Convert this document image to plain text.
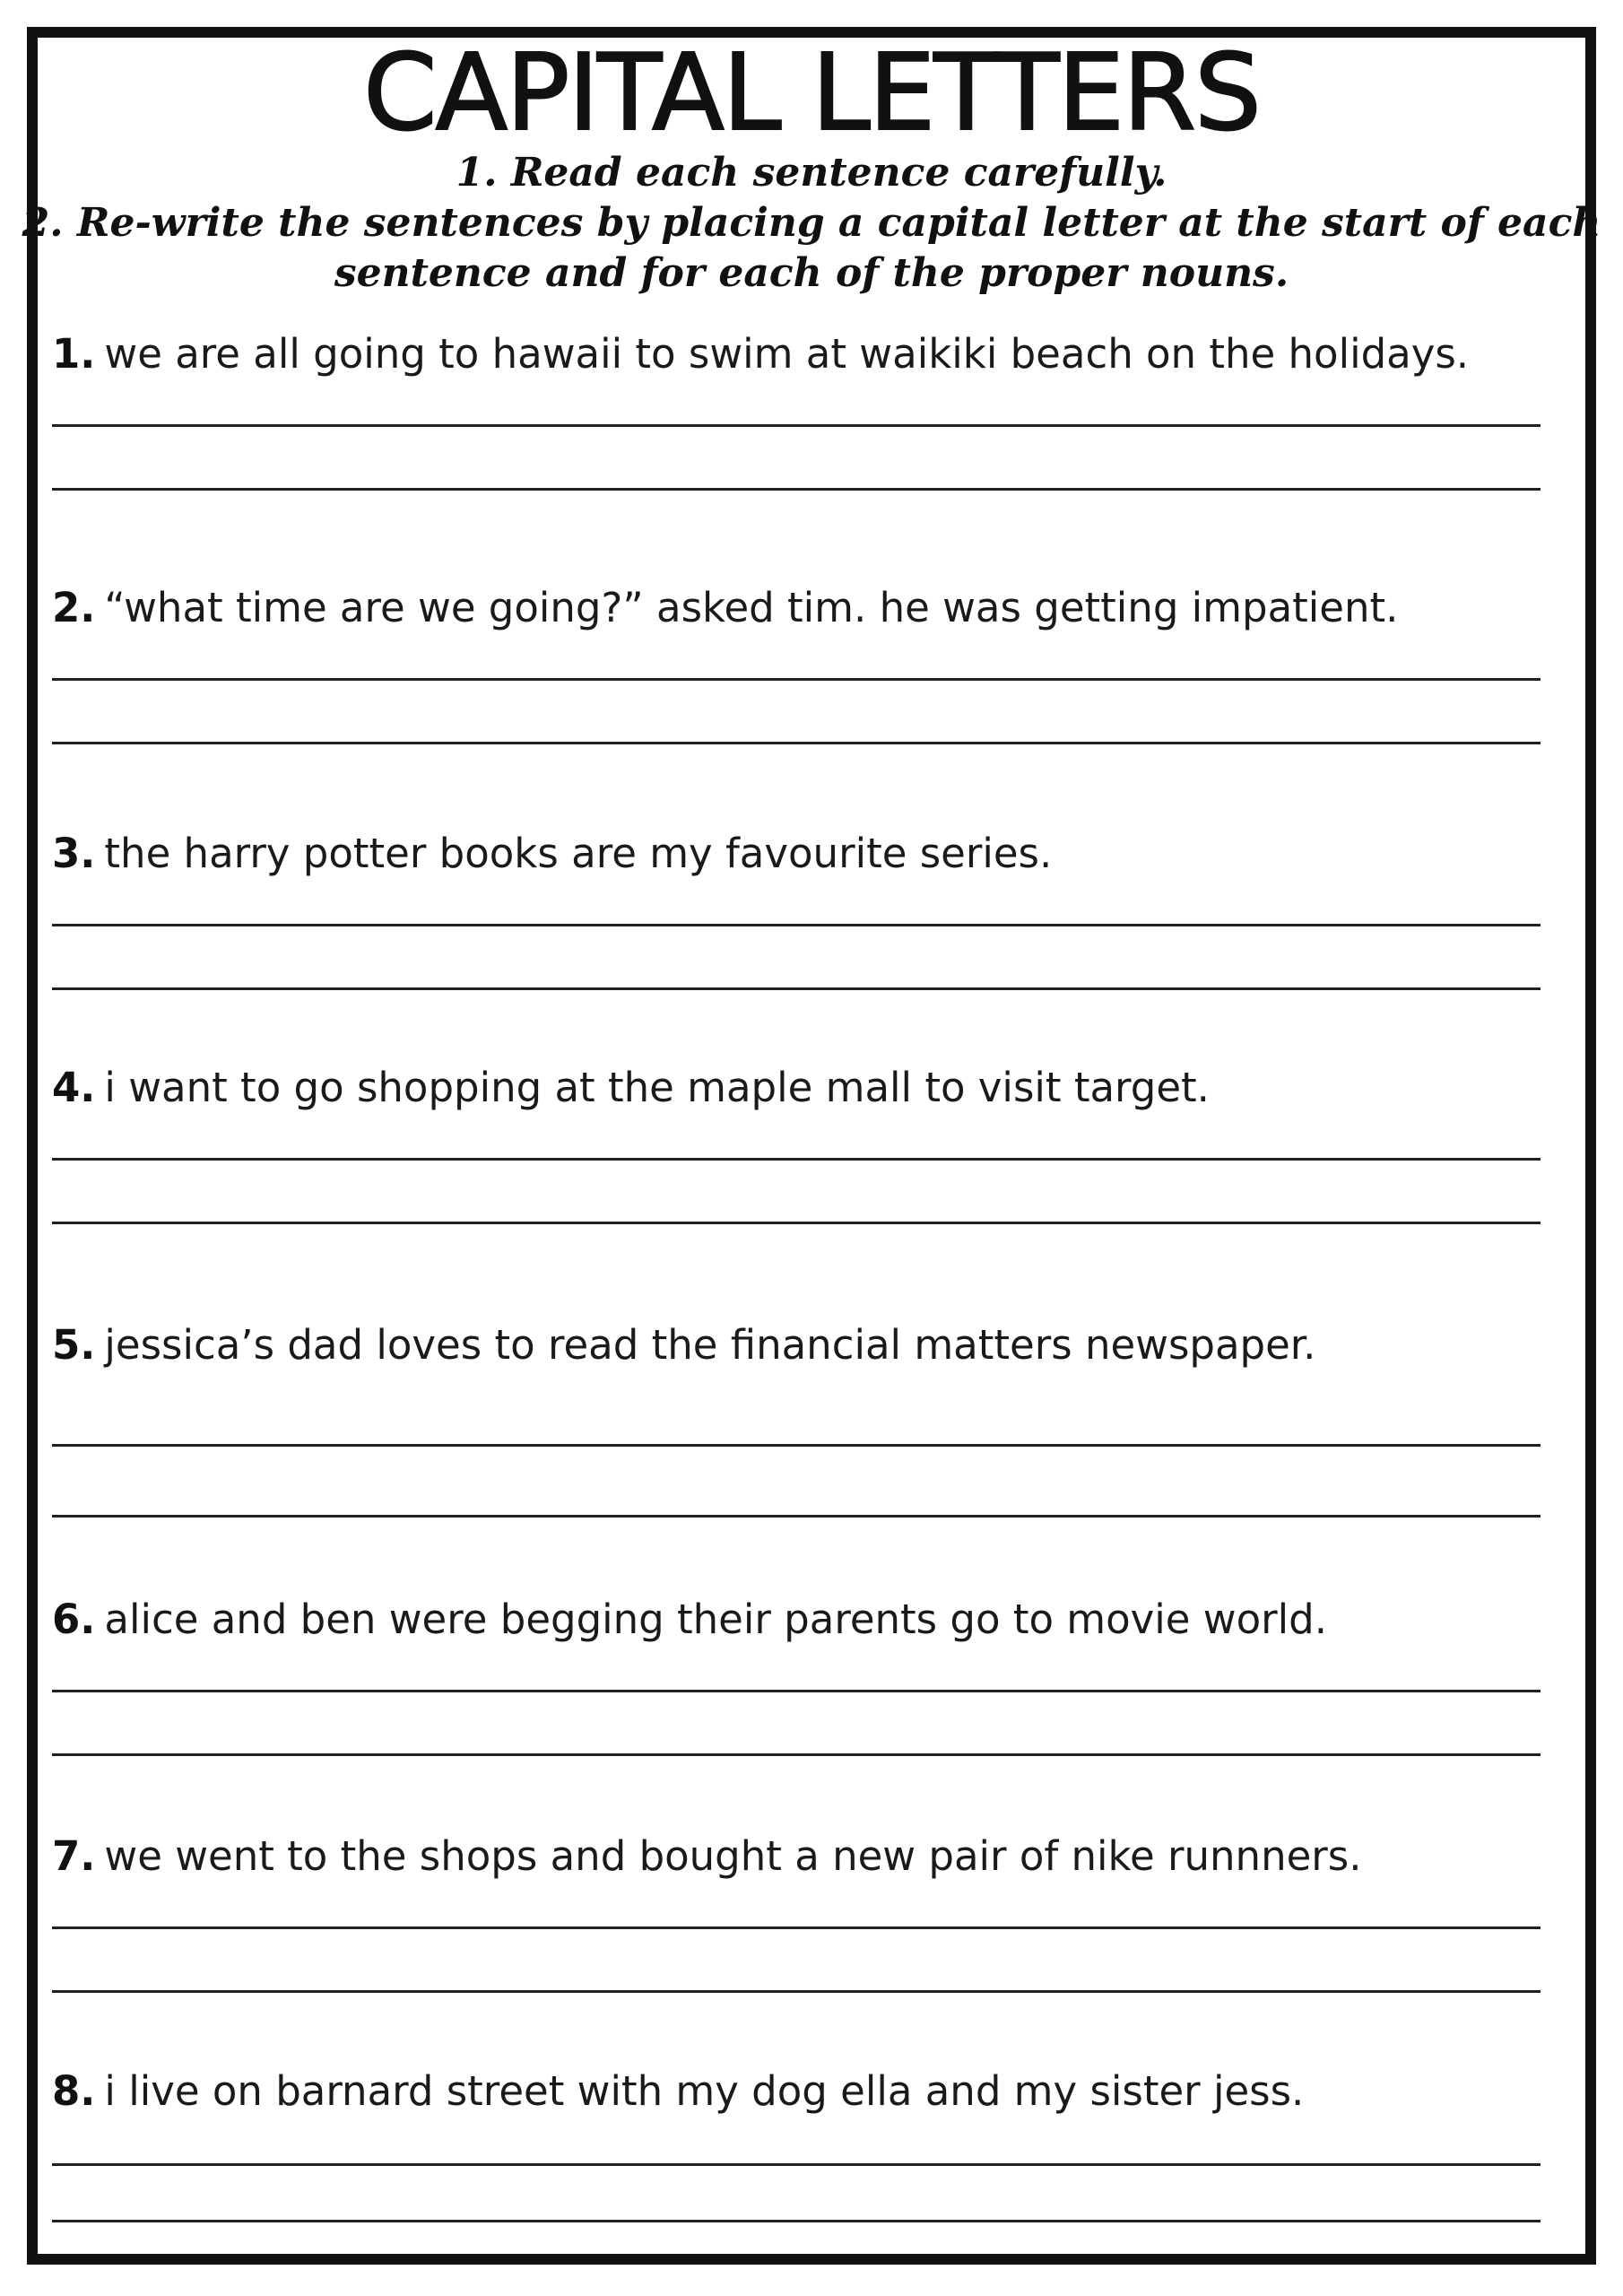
CAPITAL LETTERS
1. Read each sentence carefully.
2. Re-write the sentences by placing a capital letter at the start of each
sentence and for each of the proper nouns.
1. we are all going to hawaii to swim at waikiki beach on the holidays.
2. “what time are we going?” asked tim. he was getting impatient.
3. the harry potter books are my favourite series.
4. i want to go shopping at the maple mall to visit target.
5. jessica’s dad loves to read the financial matters newspaper.
6. alice and ben were begging their parents go to movie world.
7. we went to the shops and bought a new pair of nike runnners.
8. i live on barnard street with my dog ella and my sister jess.
